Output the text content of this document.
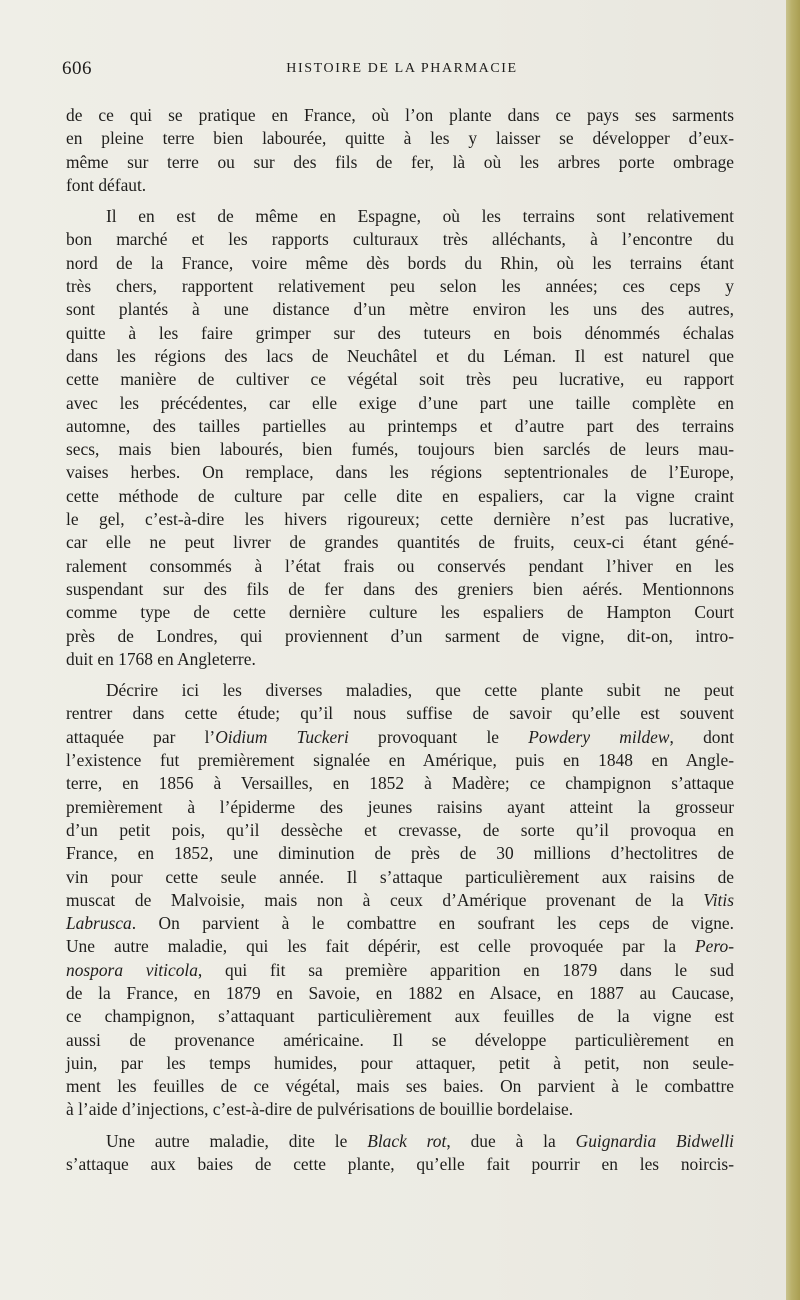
606	HISTOIRE DE LA PHARMACIE
de ce qui se pratique en France, où l’on plante dans ce pays ses sarments
en pleine terre bien labourée, quitte à les y laisser se développer d’eux-
même sur terre ou sur des fils de fer, là où les arbres porte ombrage
font défaut.
Il en est de même en Espagne, où les terrains sont relativement
bon marché et les rapports culturaux très alléchants, à l’encontre du
nord de la France, voire même dès bords du Rhin, où les terrains étant
très chers, rapportent relativement peu selon les années; ces ceps y
sont plantés à une distance d’un mètre environ les uns des autres,
quitte à les faire grimper sur des tuteurs en bois dénommés échalas
dans les régions des lacs de Neuchâtel et du Léman. Il est naturel que
cette manière de cultiver ce végétal soit très peu lucrative, eu rapport
avec les précédentes, car elle exige d’une part une taille complète en
automne, des tailles partielles au printemps et d’autre part des terrains
secs, mais bien labourés, bien fumés, toujours bien sarclés de leurs mau-
vaises herbes. On remplace, dans les régions septentrionales de l’Europe,
cette méthode de culture par celle dite en espaliers, car la vigne craint
le gel, c’est-à-dire les hivers rigoureux; cette dernière n’est pas lucrative,
car elle ne peut livrer de grandes quantités de fruits, ceux-ci étant géné-
ralement consommés à l’état frais ou conservés pendant l’hiver en les
suspendant sur des fils de fer dans des greniers bien aérés. Mentionnons
comme type de cette dernière culture les espaliers de Hampton Court
près de Londres, qui proviennent d’un sarment de vigne, dit-on, intro-
duit en 1768 en Angleterre.
Décrire ici les diverses maladies, que cette plante subit ne peut
rentrer dans cette étude; qu’il nous suffise de savoir qu’elle est souvent
attaquée par l’Oidium Tuckeri provoquant le Powdery mildew, dont
l’existence fut premièrement signalée en Amérique, puis en 1848 en Angle-
terre, en 1856 à Versailles, en 1852 à Madère; ce champignon s’attaque
premièrement à l’épiderme des jeunes raisins ayant atteint la grosseur
d’un petit pois, qu’il dessèche et crevasse, de sorte qu’il provoqua en
France, en 1852, une diminution de près de 30 millions d’hectolitres de
vin pour cette seule année. Il s’attaque particulièrement aux raisins de
muscat de Malvoisie, mais non à ceux d’Amérique provenant de la Vitis
Labrusca. On parvient à le combattre en soufrant les ceps de vigne.
Une autre maladie, qui les fait dépérir, est celle provoquée par la Pero-
nospora viticola, qui fit sa première apparition en 1879 dans le sud
de la France, en 1879 en Savoie, en 1882 en Alsace, en 1887 au Caucase,
ce champignon, s’attaquant particulièrement aux feuilles de la vigne est
aussi de provenance américaine. Il se développe particulièrement en
juin, par les temps humides, pour attaquer, petit à petit, non seule-
ment les feuilles de ce végétal, mais ses baies. On parvient à le combattre
à l’aide d’injections, c’est-à-dire de pulvérisations de bouillie bordelaise.
Une autre maladie, dite le Black rot, due à la Guignardia Bidwelli
s’attaque aux baies de cette plante, qu’elle fait pourrir en les noircis-
